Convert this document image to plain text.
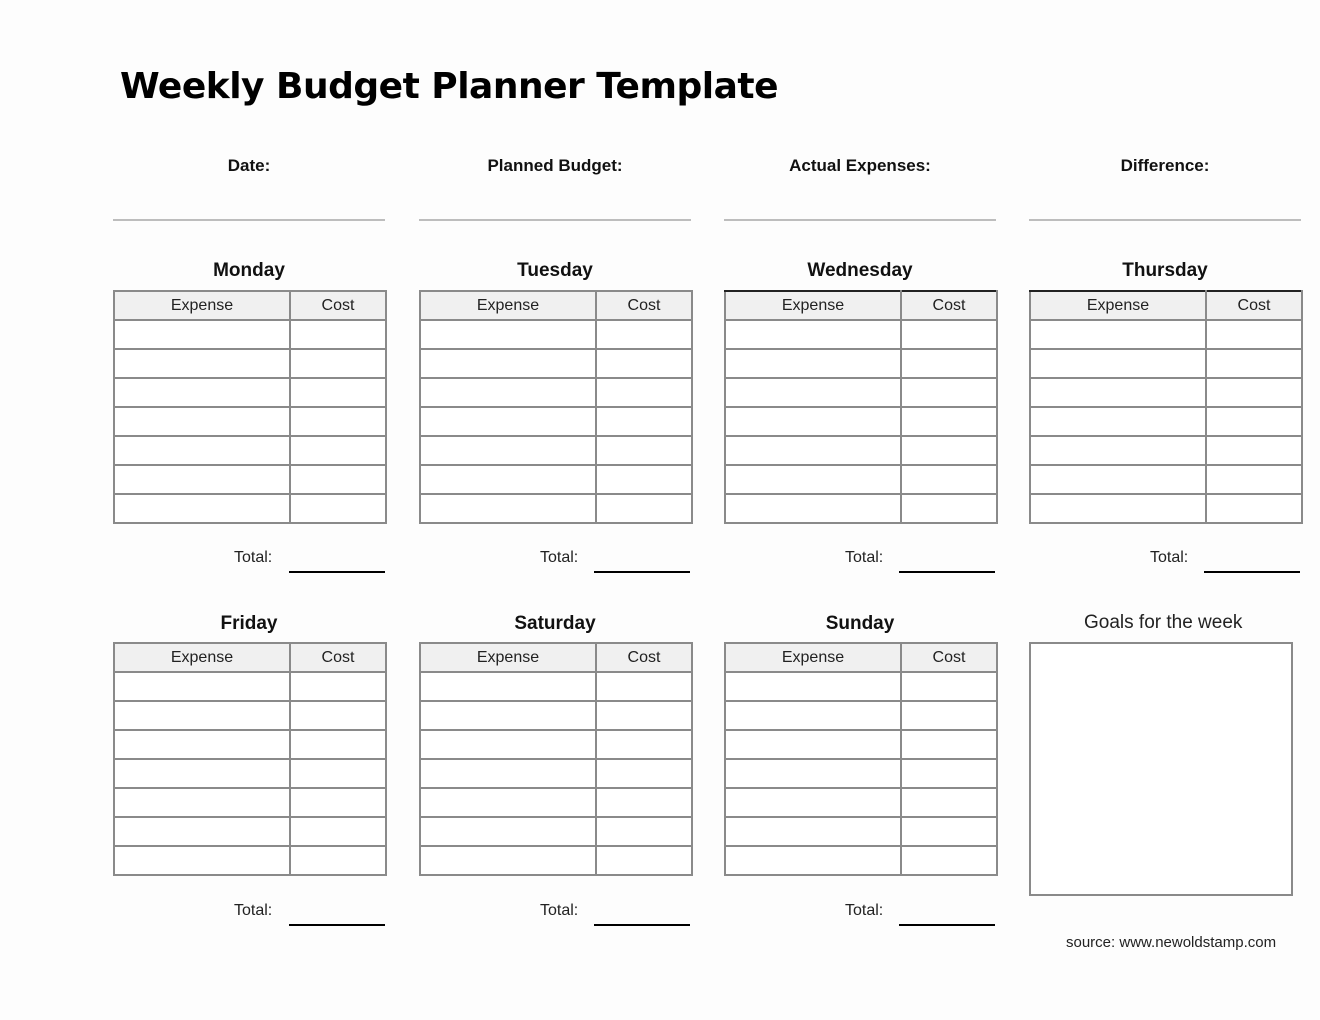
Weekly Budget Planner Template
Date:	Planned Budget:	Actual Expenses:	Difference:
Monday
Expense	Cost

Total:
Tuesday
Expense	Cost

Total:
Wednesday
Expense	Cost

Total:
Thursday
Expense	Cost

Total:
Friday
Expense	Cost

Total:
Saturday
Expense	Cost

Total:
Sunday
Expense	Cost

Total:
Goals for the week
source: www.newoldstamp.com
